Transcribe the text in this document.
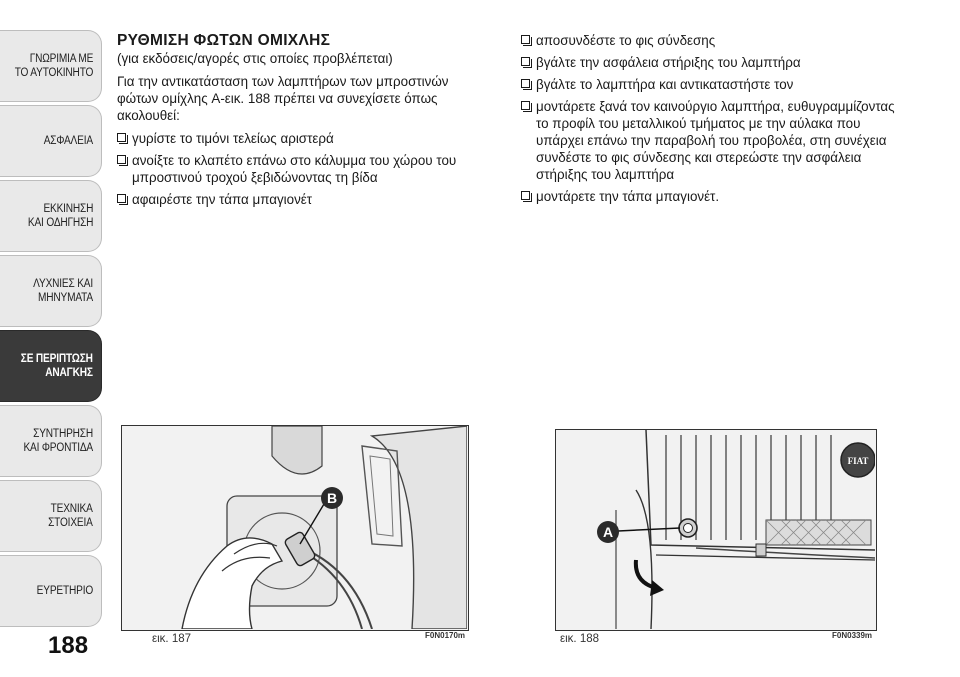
ΓΝΩΡΙΜΙΑ ΜΕ
ΤΟ ΑΥΤΟΚΙΝΗΤΟ
ΑΣΦΑΛΕΙΑ
ΕΚΚΙΝΗΣΗ
ΚΑΙ ΟΔΗΓΗΣΗ
ΛΥΧΝΙΕΣ ΚΑΙ
ΜΗΝΥΜΑΤΑ
ΣΕ ΠΕΡΙΠΤΩΣΗ
ΑΝΑΓΚΗΣ
ΣΥΝΤΗΡΗΣΗ
ΚΑΙ ΦΡΟΝΤΙΔΑ
ΤΕΧΝΙΚΑ
ΣΤΟΙΧΕΙΑ
ΕΥΡΕΤΗΡΙΟ
188
ΡΥΘΜΙΣΗ ΦΩΤΩΝ ΟΜΙΧΛΗΣ
(για εκδόσεις/αγορές στις οποίες προβλέπεται)
Για την αντικατάσταση των λαμπτήρων των μπροστινών φώτων ομίχλης A-εικ. 188 πρέπει να συνεχίσετε όπως ακολουθεί:
γυρίστε το τιμόνι τελείως αριστερά
ανοίξτε το κλαπέτο επάνω στο κάλυμμα του χώρου του μπροστινού τροχού ξεβιδώνοντας τη βίδα
αφαιρέστε την τάπα μπαγιονέτ
αποσυνδέστε το φις σύνδεσης
βγάλτε την ασφάλεια στήριξης του λαμπτήρα
βγάλτε το λαμπτήρα και αντικαταστήστε τον
μοντάρετε ξανά τον καινούργιο λαμπτήρα, ευθυγραμμίζοντας το προφίλ του μεταλλικού τμήματος με την αύλακα που υπάρχει επάνω την παραβολή του προβολέα, στη συνέχεια συνδέστε το φις σύνδεσης και στερεώστε την ασφάλεια στήριξης του λαμπτήρα
μοντάρετε την τάπα μπαγιονέτ.
B
εικ. 187	F0N0170m
FIAT
A
εικ. 188	F0N0339m
